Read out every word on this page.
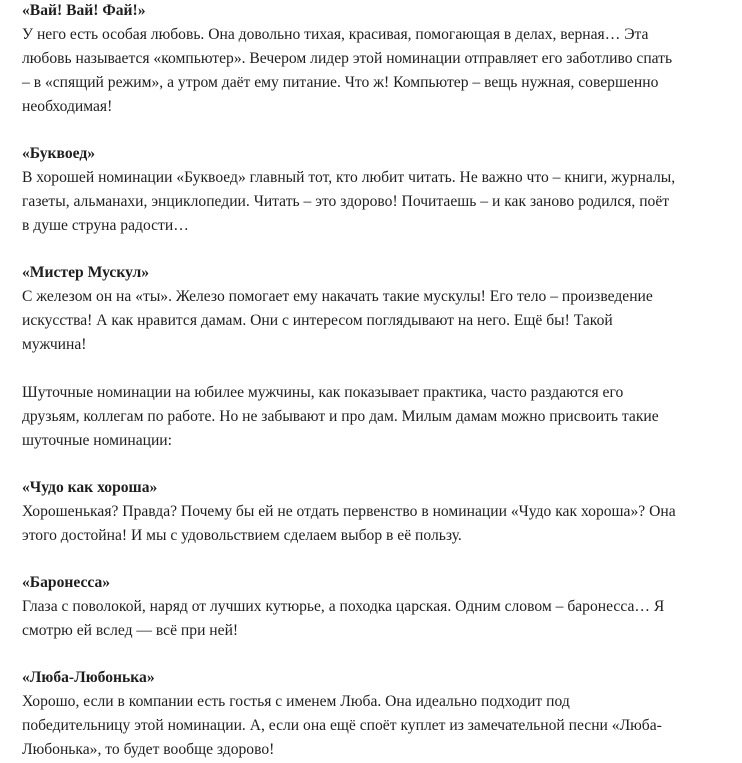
«Вай! Вай! Фай!»
У него есть особая любовь. Она довольно тихая, красивая, помогающая в делах, верная… Эта
любовь называется «компьютер». Вечером лидер этой номинации отправляет его заботливо спать
– в «спящий режим», а утром даёт ему питание. Что ж! Компьютер – вещь нужная, совершенно
необходимая!
«Буквоед»
В хорошей номинации «Буквоед» главный тот, кто любит читать. Не важно что – книги, журналы,
газеты, альманахи, энциклопедии. Читать – это здорово! Почитаешь – и как заново родился, поёт
в душе струна радости…
«Мистер Мускул»
С железом он на «ты». Железо помогает ему накачать такие мускулы! Его тело – произведение
искусства! А как нравится дамам. Они с интересом поглядывают на него. Ещё бы! Такой
мужчина!
Шуточные номинации на юбилее мужчины, как показывает практика, часто раздаются его
друзьям, коллегам по работе. Но не забывают и про дам. Милым дамам можно присвоить такие
шуточные номинации:
«Чудо как хороша»
Хорошенькая? Правда? Почему бы ей не отдать первенство в номинации «Чудо как хороша»? Она
этого достойна! И мы с удовольствием сделаем выбор в её пользу.
«Баронесса»
Глаза с поволокой, наряд от лучших кутюрье, а походка царская. Одним словом – баронесса… Я
смотрю ей вслед — всё при ней!
«Люба-Любонька»
Хорошо, если в компании есть гостья с именем Люба. Она идеально подходит под
победительницу этой номинации. А, если она ещё споёт куплет из замечательной песни «Люба-
Любонька», то будет вообще здорово!
